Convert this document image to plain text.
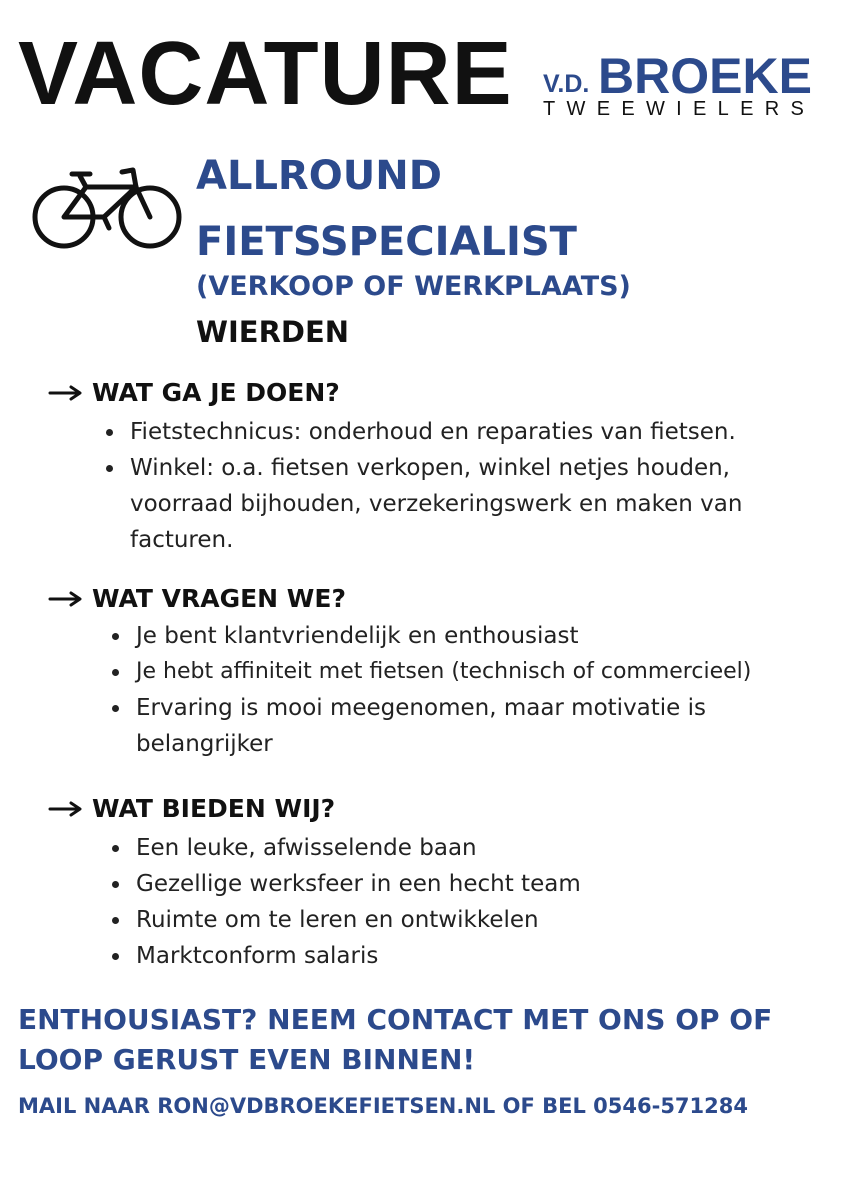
VACATURE V.D. BROEKE
TWEEWIELERS
ALLROUND
FIETSSPECIALIST
(VERKOOP OF WERKPLAATS)
WIERDEN
WAT GA JE DOEN?
Fietstechnicus: onderhoud en reparaties van fietsen.
Winkel: o.a. fietsen verkopen, winkel netjes houden, voorraad bijhouden, verzekeringswerk en maken van facturen.
WAT VRAGEN WE?
Je bent klantvriendelijk en enthousiast
Je hebt affiniteit met fietsen (technisch of commercieel)
Ervaring is mooi meegenomen, maar motivatie is belangrijker
WAT BIEDEN WIJ?
Een leuke, afwisselende baan
Gezellige werksfeer in een hecht team
Ruimte om te leren en ontwikkelen
Marktconform salaris
ENTHOUSIAST? NEEM CONTACT MET ONS OP OF LOOP GERUST EVEN BINNEN!
MAIL NAAR RON@VDBROEKEFIETSEN.NL OF BEL 0546-571284
